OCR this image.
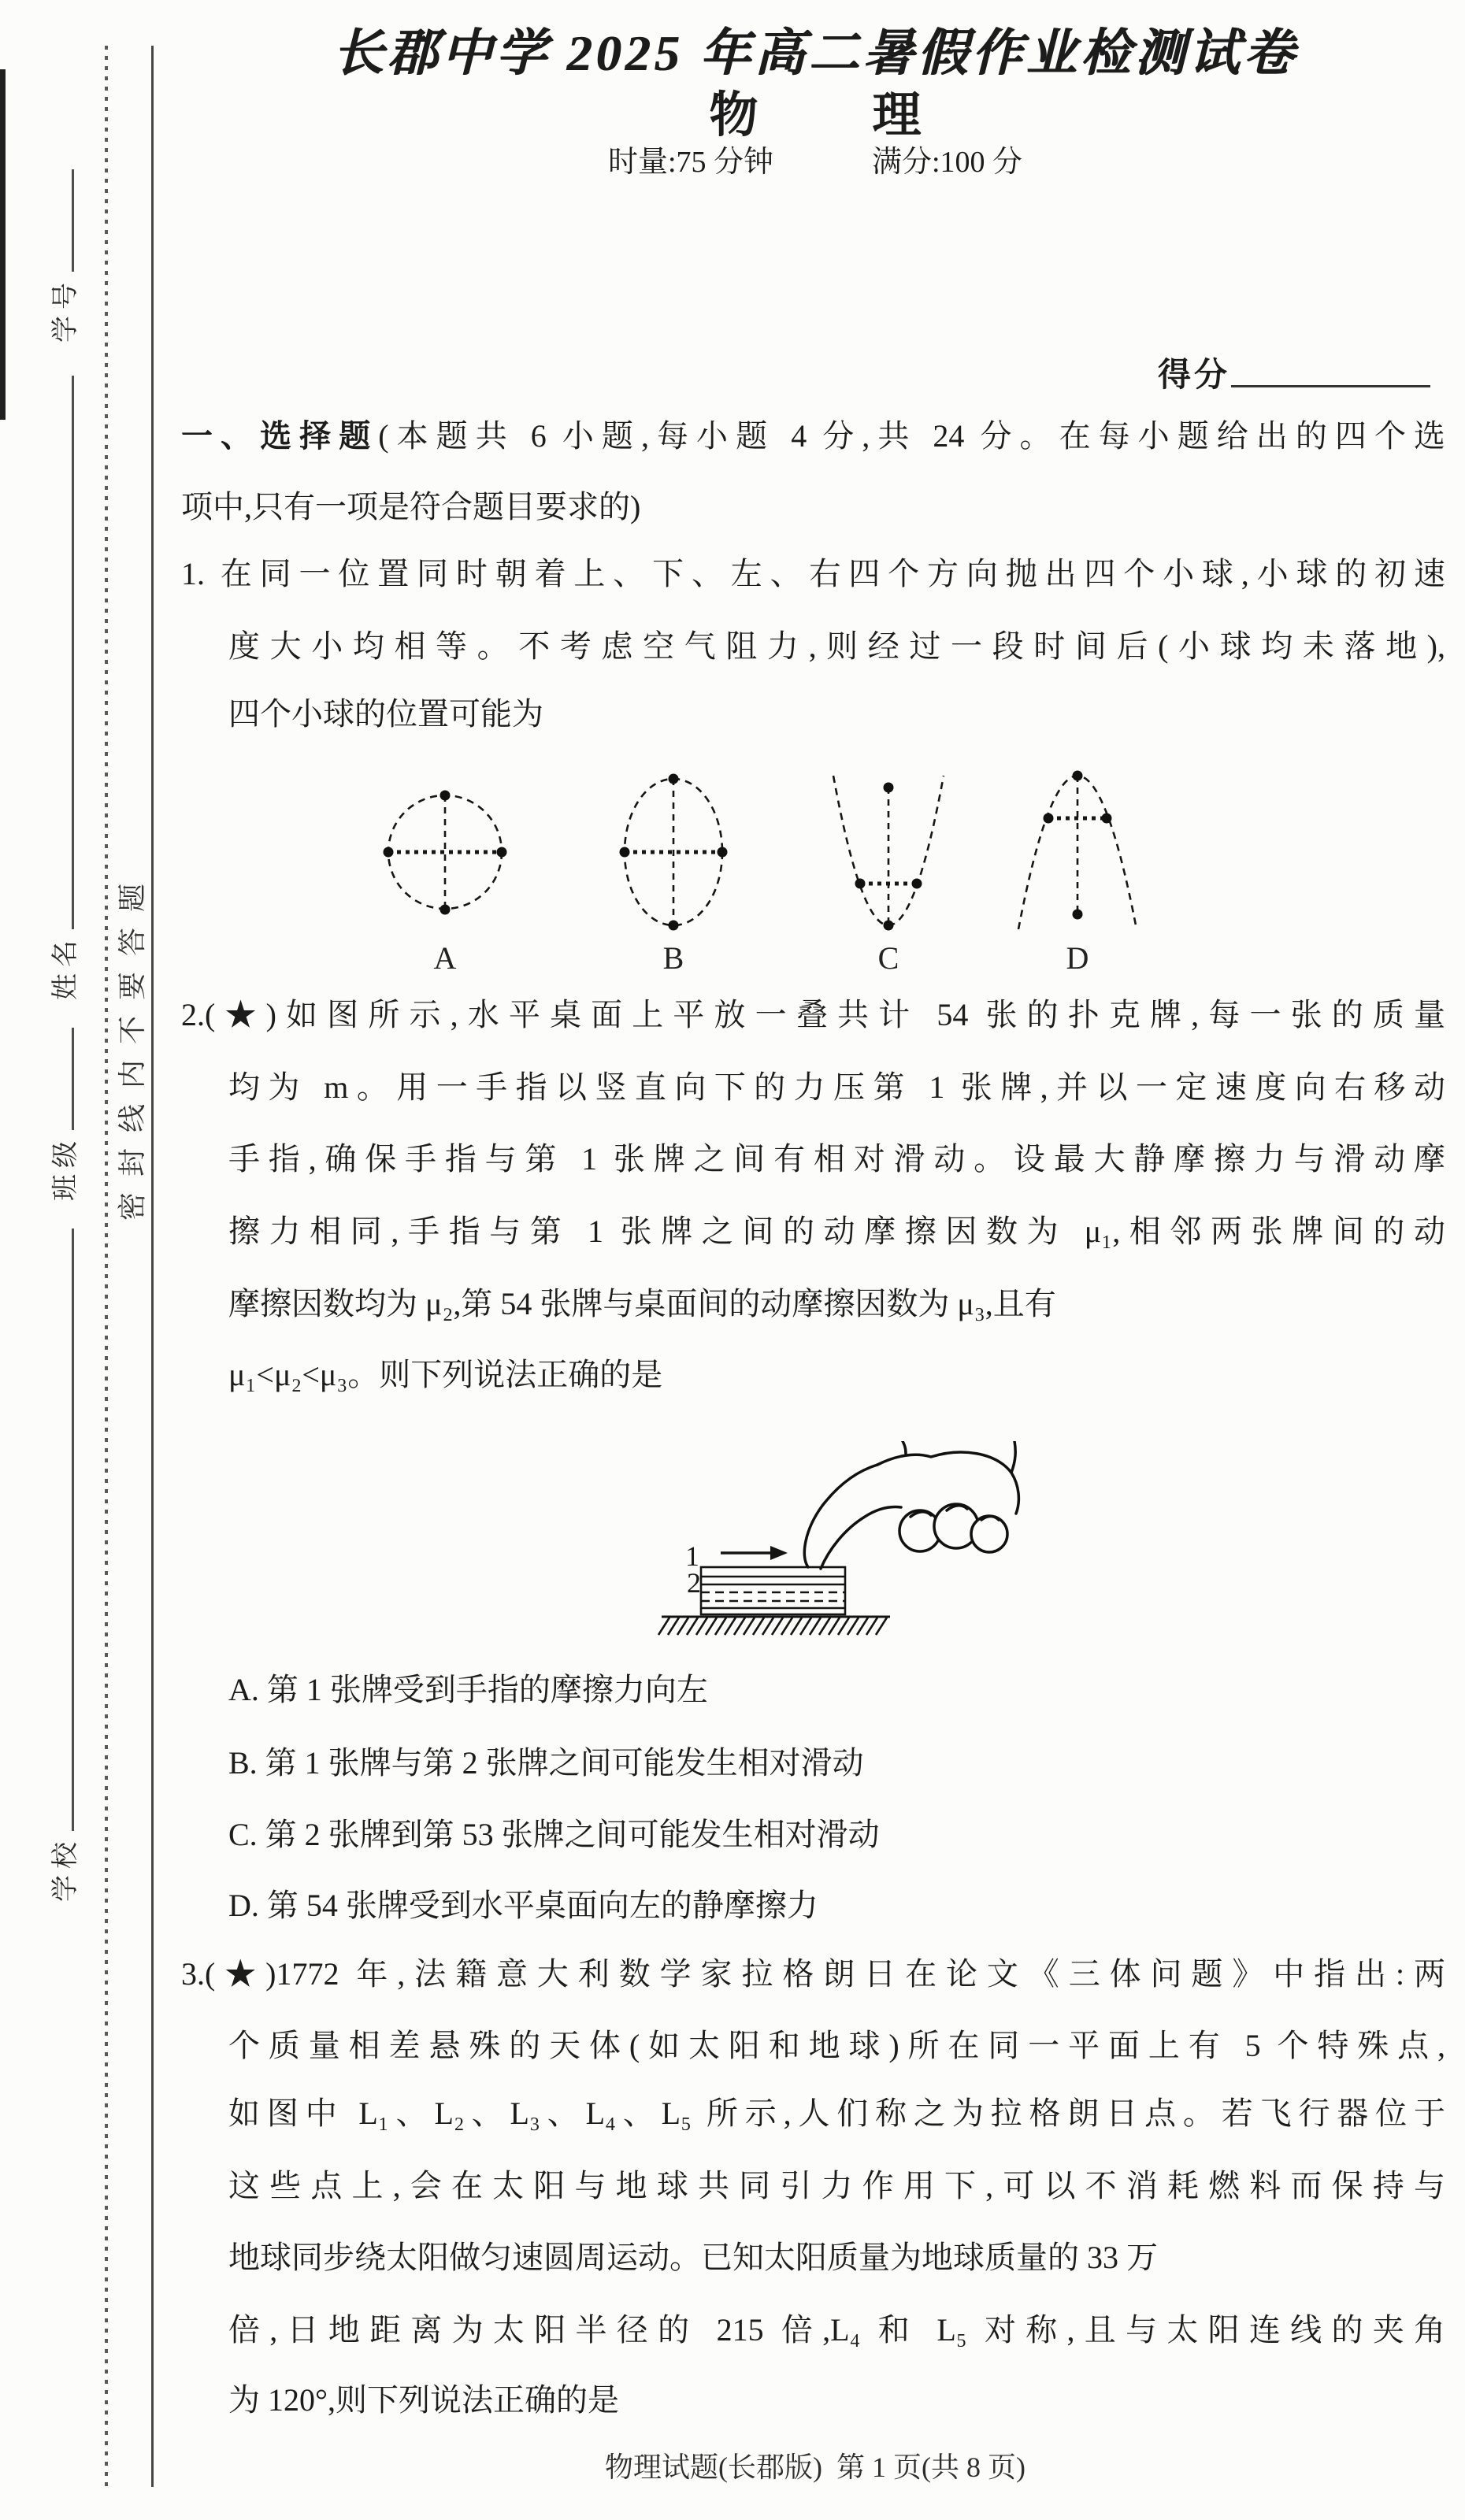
学号
姓名
班级
学校
密封线内不要答题
长郡中学 2025 年高二暑假作业检测试卷
物 理
时量:75 分钟	满分:100 分
得分
一、选择题(本题共 6 小题,每小题 4 分,共 24 分。在每小题给出的四个选
项中,只有一项是符合题目要求的)
1. 在同一位置同时朝着上、下、左、右四个方向抛出四个小球,小球的初速
度大小均相等。不考虑空气阻力,则经过一段时间后(小球均未落地),
四个小球的位置可能为
A	B	C	D
2.(★)如图所示,水平桌面上平放一叠共计 54 张的扑克牌,每一张的质量
均为 m。用一手指以竖直向下的力压第 1 张牌,并以一定速度向右移动
手指,确保手指与第 1 张牌之间有相对滑动。设最大静摩擦力与滑动摩
擦力相同,手指与第 1 张牌之间的动摩擦因数为 μ₁,相邻两张牌间的动
摩擦因数均为 μ₂,第 54 张牌与桌面间的动摩擦因数为 μ₃,且有
μ₁<μ₂<μ₃。则下列说法正确的是
1
2
A. 第 1 张牌受到手指的摩擦力向左
B. 第 1 张牌与第 2 张牌之间可能发生相对滑动
C. 第 2 张牌到第 53 张牌之间可能发生相对滑动
D. 第 54 张牌受到水平桌面向左的静摩擦力
3.(★)1772 年,法籍意大利数学家拉格朗日在论文《三体问题》中指出:两
个质量相差悬殊的天体(如太阳和地球)所在同一平面上有 5 个特殊点,
如图中 L₁、L₂、L₃、L₄、L₅ 所示,人们称之为拉格朗日点。若飞行器位于
这些点上,会在太阳与地球共同引力作用下,可以不消耗燃料而保持与
地球同步绕太阳做匀速圆周运动。已知太阳质量为地球质量的 33 万
倍,日地距离为太阳半径的 215 倍,L₄ 和 L₅ 对称,且与太阳连线的夹角
为 120°,则下列说法正确的是
物理试题(长郡版)  第 1 页(共 8 页)
